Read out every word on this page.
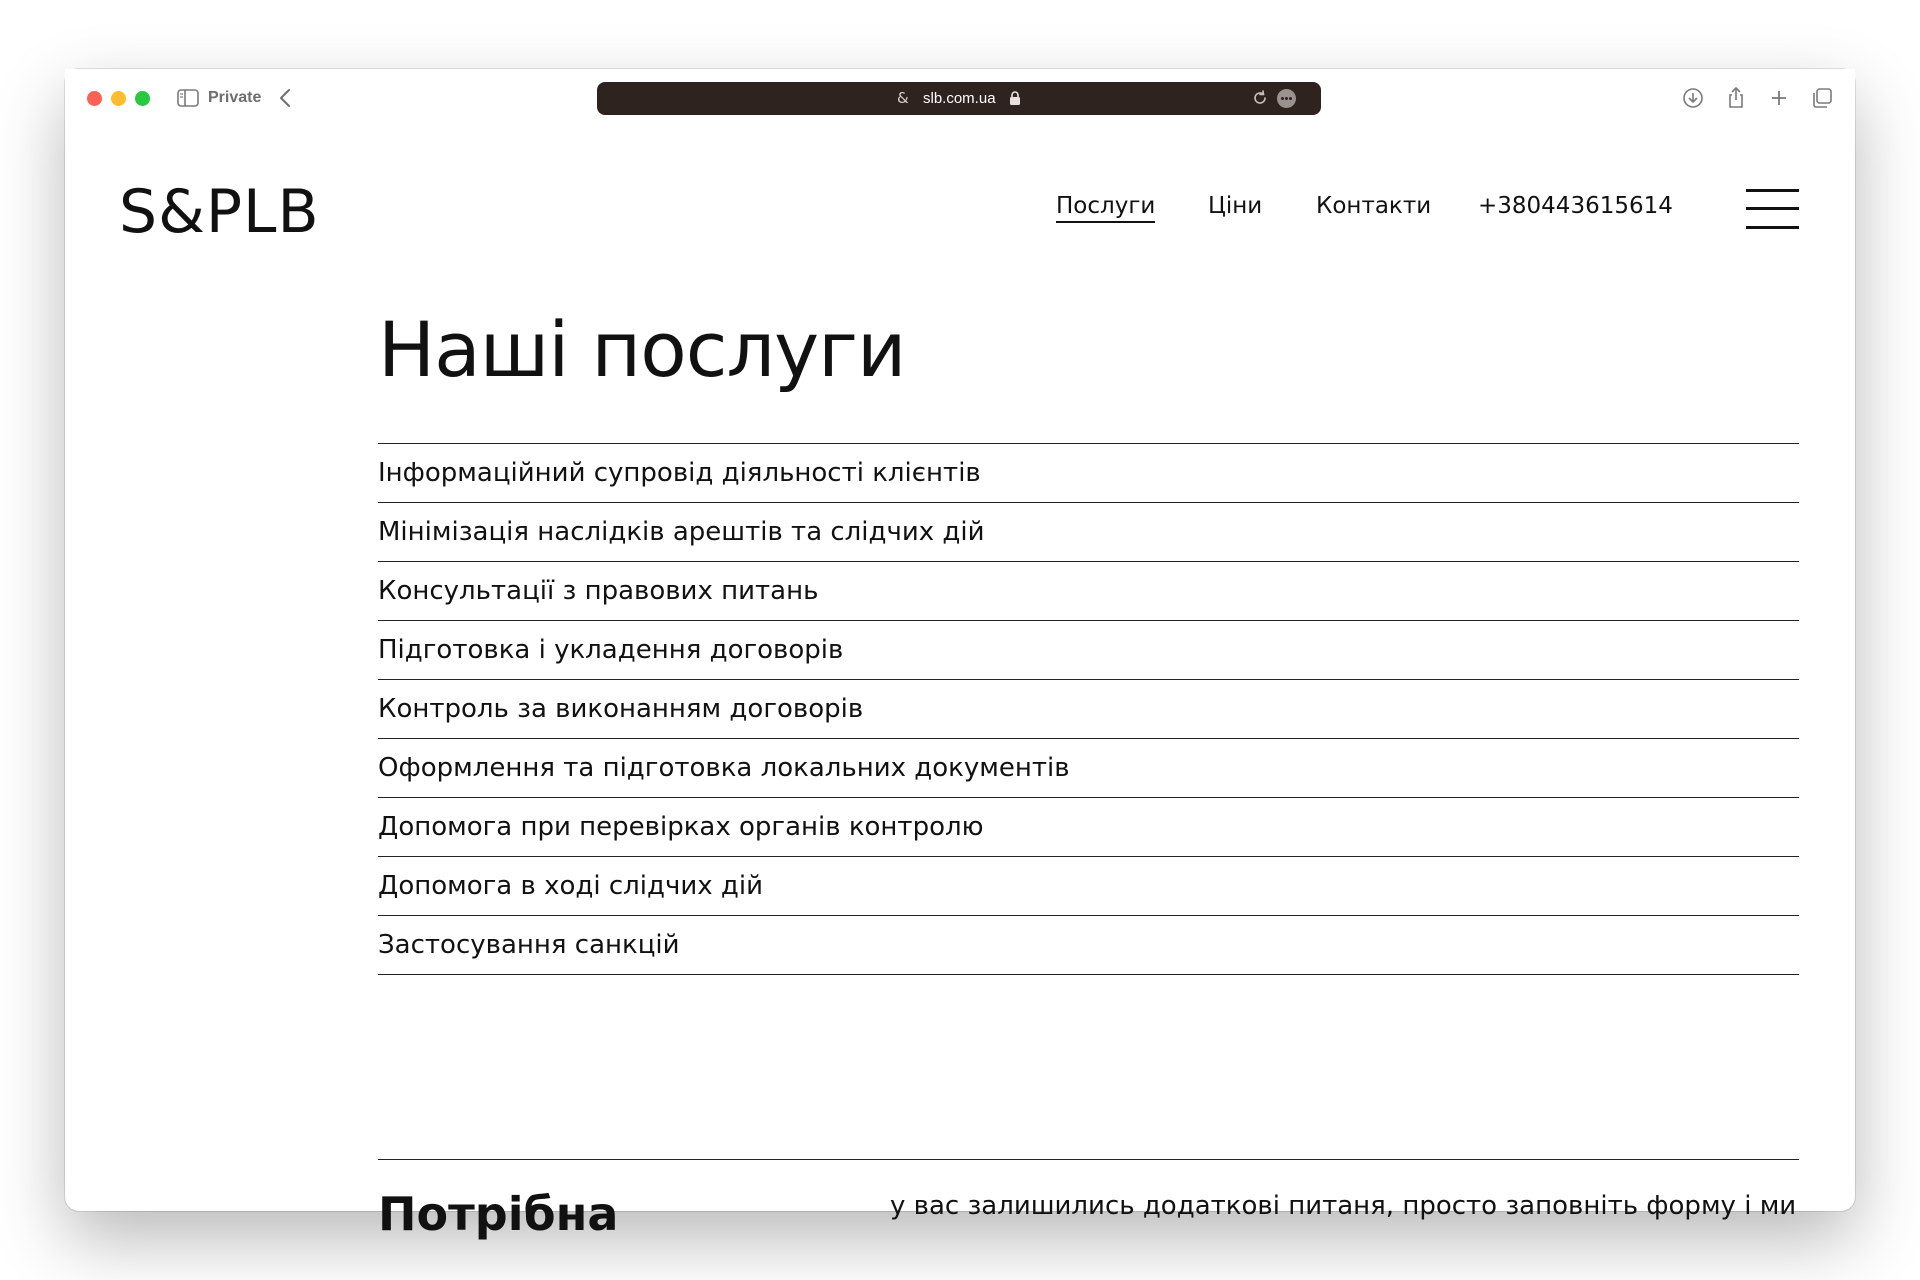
Private	& slb.com.ua
S&PLB	Послуги Ціни Контакти +380443615614
Наші послуги
Інформаційний супровід діяльності клієнтів
Мінімізація наслідків арештів та слідчих дій
Консультації з правових питань
Підготовка і укладення договорів
Контроль за виконанням договорів
Оформлення та підготовка локальних документів
Допомога при перевірках органів контролю
Допомога в ході слідчих дій
Застосування санкцій
Потрібна	у вас залишились додаткові питаня, просто заповніть форму і ми
